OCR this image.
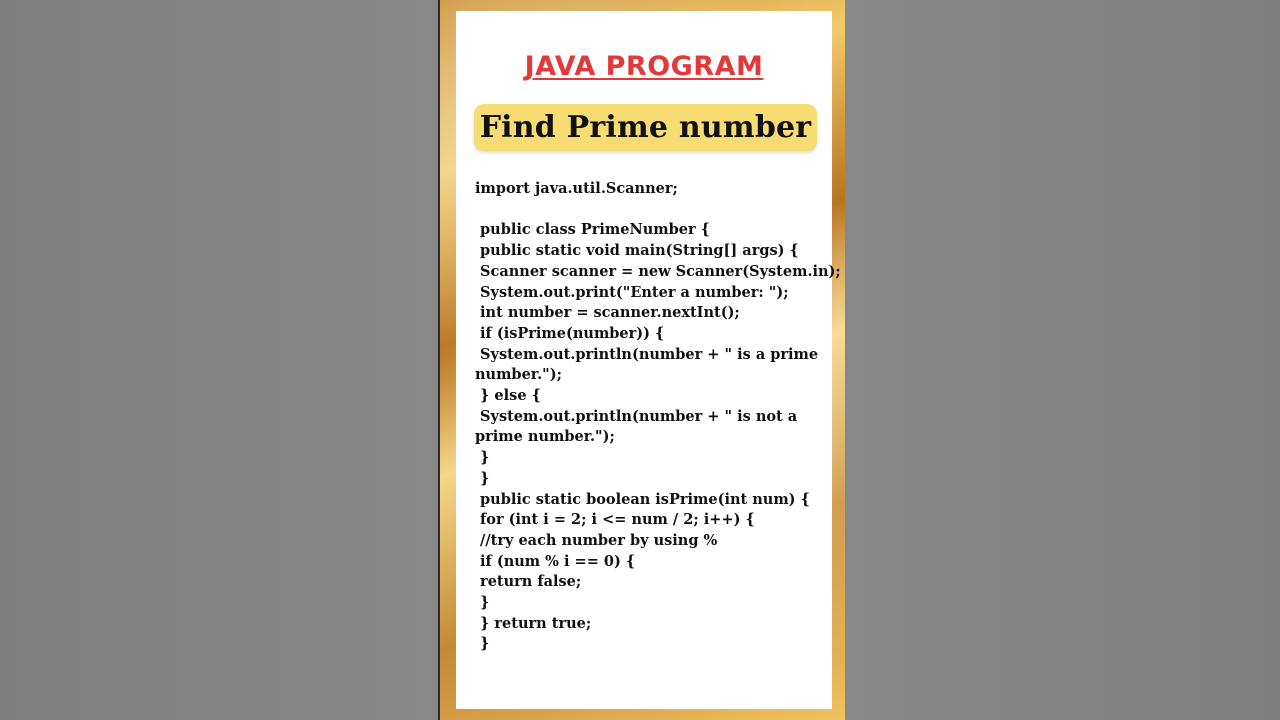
JAVA PROGRAM
Find Prime number
import java.util.Scanner;

public class PrimeNumber {
public static void main(String[] args) {
Scanner scanner = new Scanner(System.in);
System.out.print("Enter a number: ");
int number = scanner.nextInt();
if (isPrime(number)) {
System.out.println(number + " is a prime
number.");
} else {
System.out.println(number + " is not a
prime number.");
}
}
public static boolean isPrime(int num) {
for (int i = 2; i <= num / 2; i++) {
//try each number by using %
if (num % i == 0) {
return false;
}
} return true;
}
